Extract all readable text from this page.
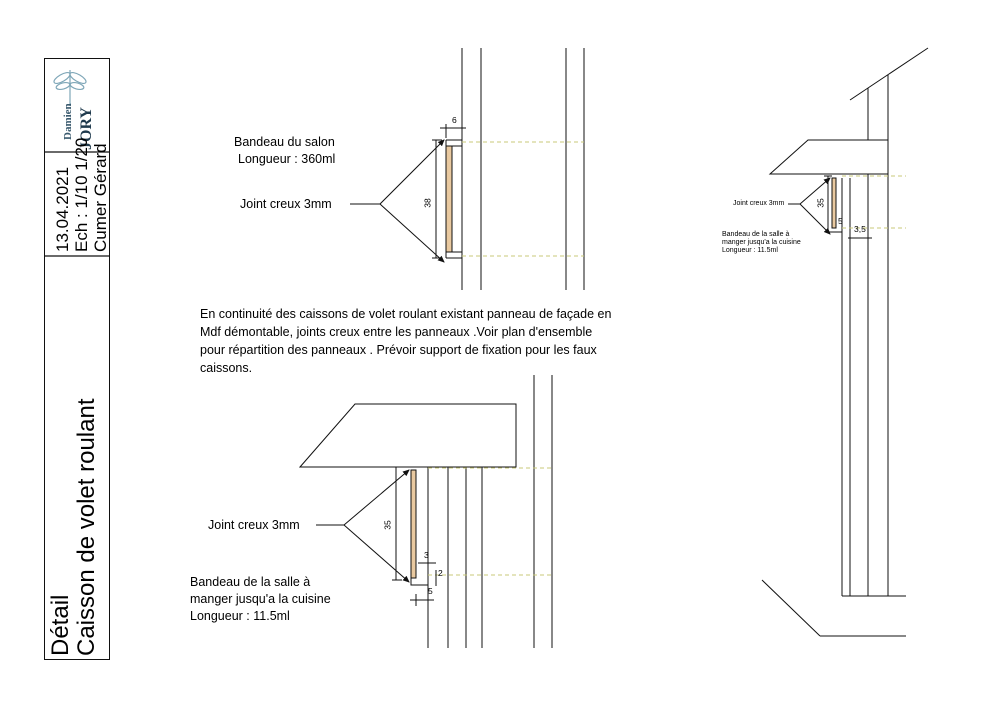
Damien JORY
13.04.2021 Ech : 1/10 1/20 Cumer Gérard
Détail Caisson de volet roulant
Bandeau du salon
Longueur : 360ml
Joint creux 3mm
6
38
En continuité des caissons de volet roulant existant panneau de façade en Mdf démontable, joints creux entre les panneaux .Voir plan d'ensemble pour répartition des panneaux . Prévoir support de fixation pour les faux caissons.
Joint creux 3mm
Bandeau de la salle à
manger jusqu'a la cuisine
Longueur : 11.5ml
35
3
2
5
Joint creux 3mm
Bandeau de la salle à
manger jusqu'a la cuisine
Longueur : 11.5ml
35
5
3,5
